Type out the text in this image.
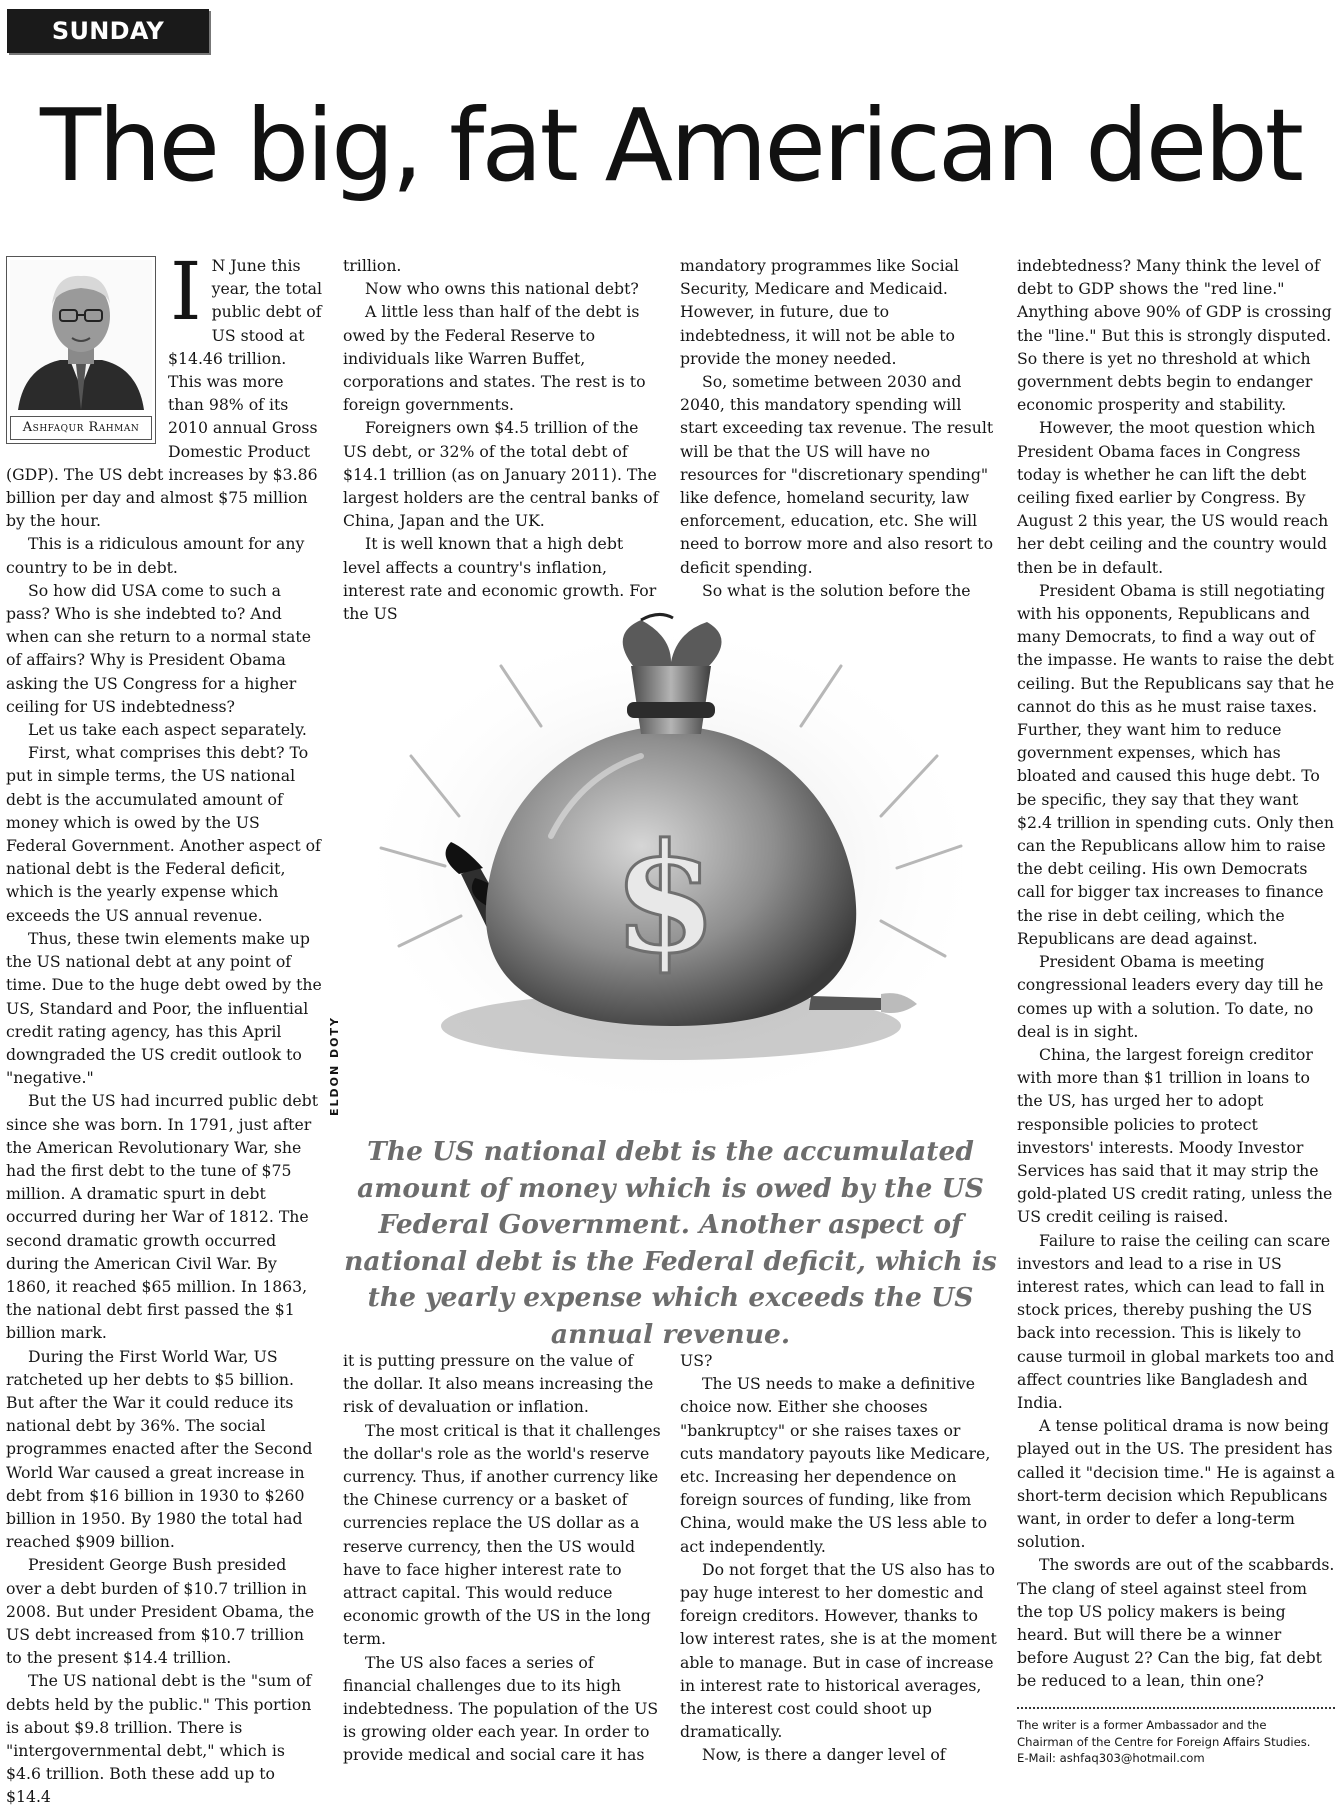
SUNDAY POUCH
The big, fat American debt
Ashfaqur Rahman
I N June this year, the total public debt of US stood at $14.46 trillion. This was more than 98% of its 2010 annual Gross Domestic Product (GDP). The US debt increases by $3.86 billion per day and almost $75 million by the hour.

This is a ridiculous amount for any country to be in debt.

So how did USA come to such a pass? Who is she indebted to? And when can she return to a normal state of affairs? Why is President Obama asking the US Congress for a higher ceiling for US indebtedness?

Let us take each aspect separately.

First, what comprises this debt? To put in simple terms, the US national debt is the accumulated amount of money which is owed by the US Federal Government. Another aspect of national debt is the Federal deficit, which is the yearly expense which exceeds the US annual revenue.

Thus, these twin elements make up the US national debt at any point of time. Due to the huge debt owed by the US, Standard and Poor, the influential credit rating agency, has this April downgraded the US credit outlook to "negative."

But the US had incurred public debt since she was born. In 1791, just after the American Revolutionary War, she had the first debt to the tune of $75 million. A dramatic spurt in debt occurred during her War of 1812. The second dramatic growth occurred during the American Civil War. By 1860, it reached $65 million. In 1863, the national debt first passed the $1 billion mark.

During the First World War, US ratcheted up her debts to $5 billion. But after the War it could reduce its national debt by 36%. The social programmes enacted after the Second World War caused a great increase in debt from $16 billion in 1930 to $260 billion in 1950. By 1980 the total had reached $909 billion.

President George Bush presided over a debt burden of $10.7 trillion in 2008. But under President Obama, the US debt increased from $10.7 trillion to the present $14.4 trillion.

The US national debt is the "sum of debts held by the public." This portion is about $9.8 trillion. There is "intergovernmental debt," which is $4.6 trillion. Both these add up to $14.4

trillion.

Now who owns this national debt?

A little less than half of the debt is owed by the Federal Reserve to individuals like Warren Buffet, corporations and states. The rest is to foreign governments.

Foreigners own $4.5 trillion of the US debt, or 32% of the total debt of $14.1 trillion (as on January 2011). The largest holders are the central banks of China, Japan and the UK.

It is well known that a high debt level affects a country's inflation, interest rate and economic growth. For the US

mandatory programmes like Social Security, Medicare and Medicaid. However, in future, due to indebtedness, it will not be able to provide the money needed.

So, sometime between 2030 and 2040, this mandatory spending will start exceeding tax revenue. The result will be that the US will have no resources for "discretionary spending" like defence, homeland security, law enforcement, education, etc. She will need to borrow more and also resort to deficit spending.

So what is the solution before the

$
ELDON DOTY

The US national debt is the accumulated amount of money which is owed by the US Federal Government. Another aspect of national debt is the Federal deficit, which is the yearly expense which exceeds the US annual revenue.

it is putting pressure on the value of the dollar. It also means increasing the risk of devaluation or inflation.

The most critical is that it challenges the dollar's role as the world's reserve currency. Thus, if another currency like the Chinese currency or a basket of currencies replace the US dollar as a reserve currency, then the US would have to face higher interest rate to attract capital. This would reduce economic growth of the US in the long term.

The US also faces a series of financial challenges due to its high indebtedness. The population of the US is growing older each year. In order to provide medical and social care it has

US?

The US needs to make a definitive choice now. Either she chooses "bankruptcy" or she raises taxes or cuts mandatory payouts like Medicare, etc. Increasing her dependence on foreign sources of funding, like from China, would make the US less able to act independently.

Do not forget that the US also has to pay huge interest to her domestic and foreign creditors. However, thanks to low interest rates, she is at the moment able to manage. But in case of increase in interest rate to historical averages, the interest cost could shoot up dramatically.

Now, is there a danger level of

indebtedness? Many think the level of debt to GDP shows the "red line." Anything above 90% of GDP is crossing the "line." But this is strongly disputed. So there is yet no threshold at which government debts begin to endanger economic prosperity and stability.

However, the moot question which President Obama faces in Congress today is whether he can lift the debt ceiling fixed earlier by Congress. By August 2 this year, the US would reach her debt ceiling and the country would then be in default.

President Obama is still negotiating with his opponents, Republicans and many Democrats, to find a way out of the impasse. He wants to raise the debt ceiling. But the Republicans say that he cannot do this as he must raise taxes. Further, they want him to reduce government expenses, which has bloated and caused this huge debt. To be specific, they say that they want $2.4 trillion in spending cuts. Only then can the Republicans allow him to raise the debt ceiling. His own Democrats call for bigger tax increases to finance the rise in debt ceiling, which the Republicans are dead against.

President Obama is meeting congressional leaders every day till he comes up with a solution. To date, no deal is in sight.

China, the largest foreign creditor with more than $1 trillion in loans to the US, has urged her to adopt responsible policies to protect investors' interests. Moody Investor Services has said that it may strip the gold-plated US credit rating, unless the US credit ceiling is raised.

Failure to raise the ceiling can scare investors and lead to a rise in US interest rates, which can lead to fall in stock prices, thereby pushing the US back into recession. This is likely to cause turmoil in global markets too and affect countries like Bangladesh and India.

A tense political drama is now being played out in the US. The president has called it "decision time." He is against a short-term decision which Republicans want, in order to defer a long-term solution.

The swords are out of the scabbards. The clang of steel against steel from the top US policy makers is being heard. But will there be a winner before August 2? Can the big, fat debt be reduced to a lean, thin one?

The writer is a former Ambassador and the
Chairman of the Centre for Foreign Affairs Studies.
E-Mail: ashfaq303@hotmail.com
